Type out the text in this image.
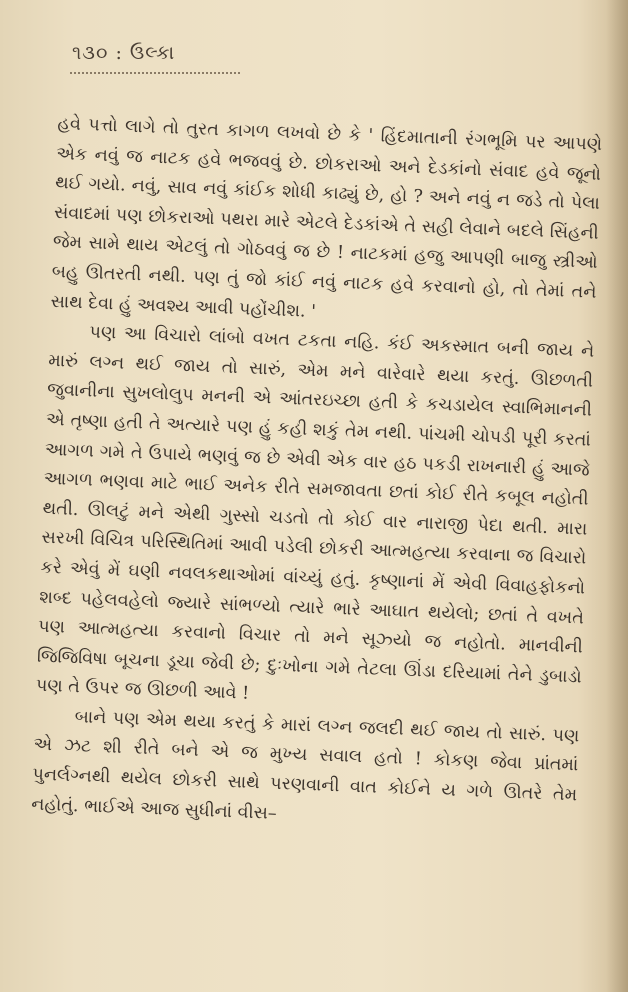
૧૩૦ : ઉલ્કા

હવે પત્તો લાગે તો તુરત કાગળ લખવો છે કે ' હિંદમાતાની રંગભૂમિ પર આપણે એક નવું જ નાટક હવે ભજવવું છે. છોકરાઓ અને દેડકાંનો સંવાદ હવે જૂનો થઈ ગયો. નવું, સાવ નવું કાંઈક શોધી કાઢ્યું છે, હો ? અને નવું ન જડે તો પેલા સંવાદમાં પણ છોકરાઓ પથરા મારે એટલે દેડકાંએ તે સહી લેવાને બદલે સિંહની જેમ સામે થાય એટલું તો ગોઠવવું જ છે ! નાટકમાં હજુ આપણી બાજુ સ્ત્રીઓ બહુ ઊતરતી નથી. પણ તું જો કાંઈ નવું નાટક હવે કરવાનો હો, તો તેમાં તને સાથ દેવા હું અવશ્ય આવી પહોંચીશ. '

પણ આ વિચારો લાંબો વખત ટકતા નહિ. કંઈ અકસ્માત બની જાય ને મારું લગ્ન થઈ જાય તો સારું, એમ મને વારેવારે થયા કરતું. ઊછળતી જુવાનીના સુખલોલુપ મનની એ આંતરઇચ્છા હતી કે કચડાયેલ સ્વાભિમાનની એ તૃષ્ણા હતી તે અત્યારે પણ હું કહી શકું તેમ નથી. પાંચમી ચોપડી પૂરી કરતાં આગળ ગમે તે ઉપાયે ભણવું જ છે એવી એક વાર હઠ પકડી રાખનારી હું આજે આગળ ભણવા માટે ભાઈ અનેક રીતે સમજાવતા છતાં કોઈ રીતે કબૂલ નહોતી થતી. ઊલટું મને એથી ગુસ્સો ચડતો તો કોઈ વાર નારાજી પેદા થતી. મારા સરખી વિચિત્ર પરિસ્થિતિમાં આવી પડેલી છોકરી આત્મહત્યા કરવાના જ વિચારો કરે એવું મેં ઘણી નવલકથાઓમાં વાંચ્યું હતું. કૃષ્ણાનાં મેં એવી વિવાહફોકનો શબ્દ પહેલવહેલો જ્યારે સાંભળ્યો ત્યારે ભારે આઘાત થયેલો; છતાં તે વખતે પણ આત્મહત્યા કરવાનો વિચાર તો મને સૂઝ્યો જ નહોતો. માનવીની જિજિવિષા બૂચના ડૂચા જેવી છે; દુઃખોના ગમે તેટલા ઊંડા દરિયામાં તેને ડુબાડો પણ તે ઉપર જ ઊછળી આવે !

બાને પણ એમ થયા કરતું કે મારાં લગ્ન જલદી થઈ જાય તો સારું. પણ એ ઝટ શી રીતે બને એ જ મુખ્ય સવાલ હતો ! કોકણ જેવા પ્રાંતમાં પુનર્લગ્નથી થયેલ છોકરી સાથે પરણવાની વાત કોઈને ય ગળે ઊતરે તેમ નહોતું. ભાઈએ આજ સુધીનાં વીસ–
